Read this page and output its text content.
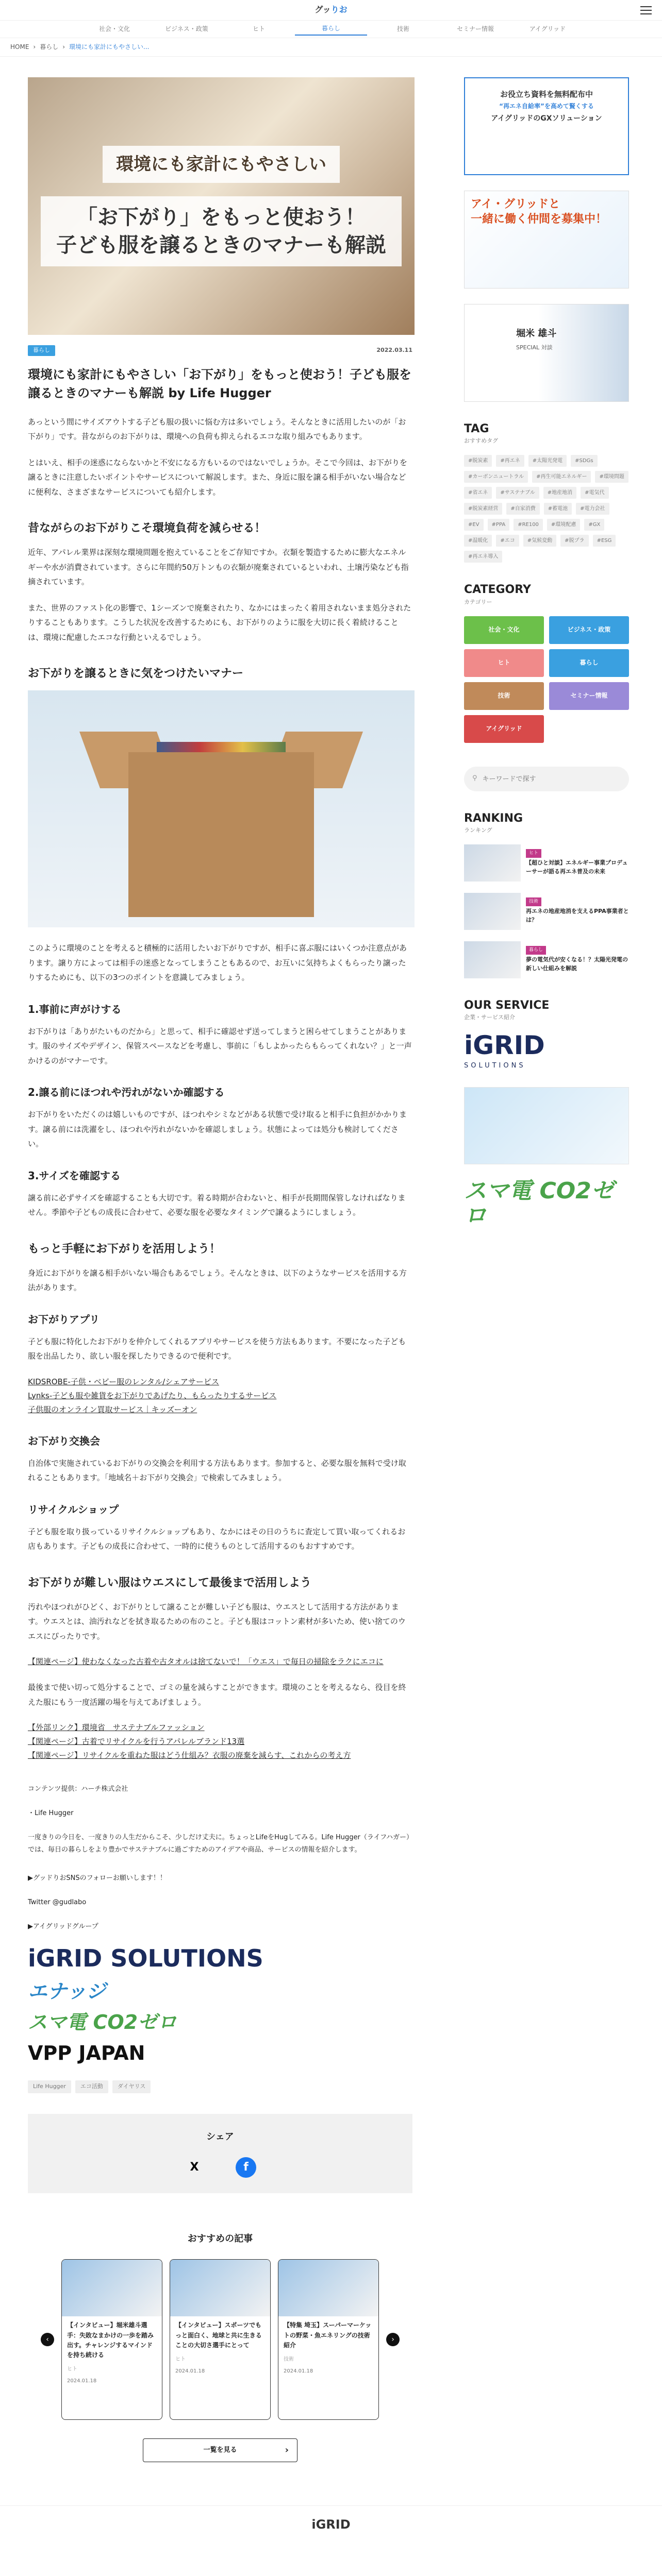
グッりお
社会・文化	ビジネス・政策	ヒト	暮らし	技術	セミナー情報	アイグリッド
HOME › 暮らし › 環境にも家計にもやさしい...
環境にも家計にもやさしい
「お下がり」をもっと使おう！
子ども服を譲るときのマナーも解説
暮らし	2022.03.11
環境にも家計にもやさしい「お下がり」をもっと使おう！子ども服を譲るときのマナーも解説 by Life Hugger

あっという間にサイズアウトする子ども服の扱いに悩む方は多いでしょう。そんなときに活用したいのが「お下がり」です。昔ながらのお下がりは、環境への負荷も抑えられるエコな取り組みでもあります。

とはいえ、相手の迷惑にならないかと不安になる方もいるのではないでしょうか。そこで今回は、お下がりを譲るときに注意したいポイントやサービスについて解説します。また、身近に服を譲る相手がいない場合などに便利な、さまざまなサービスについても紹介します。

昔ながらのお下がりこそ環境負荷を減らせる！

近年、アパレル業界は深刻な環境問題を抱えていることをご存知ですか。衣類を製造するために膨大なエネルギーや水が消費されています。さらに年間約50万トンもの衣類が廃棄されているといわれ、土壌汚染なども指摘されています。

また、世界のファスト化の影響で、1シーズンで廃棄されたり、なかにはまったく着用されないまま処分されたりすることもあります。こうした状況を改善するためにも、お下がりのように服を大切に長く着続けることは、環境に配慮したエコな行動といえるでしょう。

お下がりを譲るときに気をつけたいマナー

このように環境のことを考えると積極的に活用したいお下がりですが、相手に喜ぶ服にはいくつか注意点があります。譲り方によっては相手の迷惑となってしまうこともあるので、お互いに気持ちよくもらったり譲ったりするためにも、以下の3つのポイントを意識してみましょう。

1.事前に声がけする

お下がりは「ありがたいものだから」と思って、相手に確認せず送ってしまうと困らせてしまうことがあります。服のサイズやデザイン、保管スペースなどを考慮し、事前に「もしよかったらもらってくれない？」と一声かけるのがマナーです。

2.譲る前にほつれや汚れがないか確認する

お下がりをいただくのは嬉しいものですが、ほつれやシミなどがある状態で受け取ると相手に負担がかかります。譲る前には洗濯をし、ほつれや汚れがないかを確認しましょう。状態によっては処分も検討してください。

3.サイズを確認する

譲る前に必ずサイズを確認することも大切です。着る時期が合わないと、相手が長期間保管しなければなりません。季節や子どもの成長に合わせて、必要な服を必要なタイミングで譲るようにしましょう。

もっと手軽にお下がりを活用しよう！

身近にお下がりを譲る相手がいない場合もあるでしょう。そんなときは、以下のようなサービスを活用する方法があります。

お下がりアプリ

子ども服に特化したお下がりを仲介してくれるアプリやサービスを使う方法もあります。不要になった子ども服を出品したり、欲しい服を探したりできるので便利です。

KIDSROBE-子供・ベビー服のレンタル/シェアサービス
Lynks-子ども服や雑貨をお下がりであげたり、もらったりするサービス
子供服のオンライン買取サービス｜キッズーオン
お下がり交換会

自治体で実施されているお下がりの交換会を利用する方法もあります。参加すると、必要な服を無料で受け取れることもあります。「地域名＋お下がり交換会」で検索してみましょう。

リサイクルショップ

子ども服を取り扱っているリサイクルショップもあり、なかにはその日のうちに査定して買い取ってくれるお店もあります。子どもの成長に合わせて、一時的に使うものとして活用するのもおすすめです。

お下がりが難しい服はウエスにして最後まで活用しよう

汚れやほつれがひどく、お下がりとして譲ることが難しい子ども服は、ウエスとして活用する方法があります。ウエスとは、油汚れなどを拭き取るための布のこと。子ども服はコットン素材が多いため、使い捨てのウエスにぴったりです。

【関連ページ】使わなくなった古着や古タオルは捨てないで！「ウエス」で毎日の掃除をラクにエコに

最後まで使い切って処分することで、ゴミの量を減らすことができます。環境のことを考えるなら、役目を終えた服にもう一度活躍の場を与えてあげましょう。

【外部リンク】環境省　サステナブルファッション
【関連ページ】古着でリサイクルを行うアパレルブランド13選
【関連ページ】リサイクルを重ねた服はどう仕組み？衣服の廃棄を減らす、これからの考え方

コンテンツ提供：ハーチ株式会社

・Life Hugger

一度きりの今日を、一度きりの人生だからこそ、少しだけ丈夫に。ちょっとLifeをHugしてみる。Life Hugger（ライフハガー）では、毎日の暮らしをより豊かでサステナブルに過ごすためのアイデアや商品、サービスの情報を紹介します。

▶グッドりおSNSのフォローお願いします！！

Twitter @gudlabo

▶アイグリッドグループ

iGRID SOLUTIONS
エナッジ
スマ電 CO2ゼロ
VPP JAPAN
Life Hugger	エコ活動	ダイヤリス
シェア
X	f
おすすめの記事
‹
【インタビュー】堀米雄斗選手：失敗なまかけの一歩を踏み出す。チャレンジするマインドを持ち続ける
ヒト
2024.01.18
【インタビュー】スポーツでもっと面白く、地球と共に生きることの大切さ選手にとって
ヒト
2024.01.18
【特集 埼玉】スーパーマーケットの野菜・魚エネリングの技術紹介
技術
2024.01.18
›
一覧を見る ›
お役立ち資料を無料配布中
“再エネ自給率”を高めて賢くする
アイグリッドのGXソリューション
アイ・グリッドと
一緒に働く仲間を募集中！
堀米 雄斗
SPECIAL 対談
TAG
おすすめタグ
#脱炭素	#再エネ	#太陽光発電	#SDGs
#カーボンニュートラル	#再生可能エネルギー	#環境問題
#省エネ	#サステナブル	#地産地消	#電気代
#脱炭素経営	#自家消費	#蓄電池	#電力会社
#EV	#PPA	#RE100	#環境配慮	#GX
#温暖化	#エコ	#気候変動	#脱プラ	#ESG
#再エネ導入
CATEGORY
カテゴリー
社会・文化	ビジネス・政策
ヒト	暮らし
技術	セミナー情報
アイグリッド
⚲
キーワードで探す
RANKING
ランキング
ヒト
【超ひと対談】エネルギー事業プロデューサーが語る再エネ普及の未来
技術
再エネの地産地消を支えるPPA事業者とは？
暮らし
夢の電気代が安くなる！？太陽光発電の新しい仕組みを解説
OUR SERVICE
企業・サービス紹介
iGRID
SOLUTIONS
スマ電 CO2ゼロ
iGRID
